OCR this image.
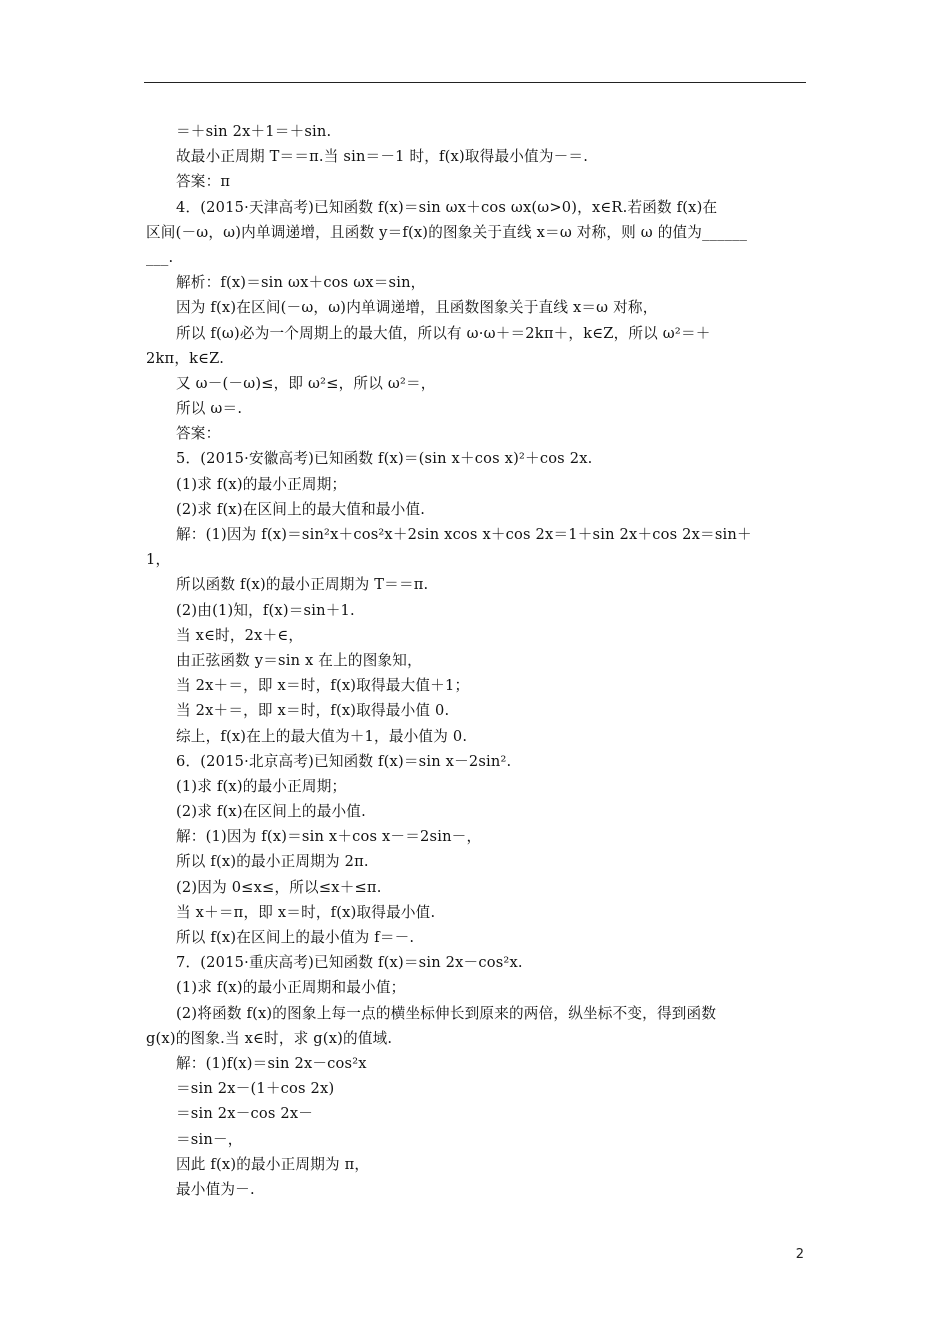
＝＋sin 2x＋1＝＋sin.
故最小正周期 T＝＝π.当 sin＝－1 时，f(x)取得最小值为－＝.
答案：π
4．(2015·天津高考)已知函数 f(x)＝sin ωx＋cos ωx(ω>0)，x∈R.若函数 f(x)在
区间(－ω，ω)内单调递增，且函数 y＝f(x)的图象关于直线 x＝ω 对称，则 ω 的值为______
___.
解析：f(x)＝sin ωx＋cos ωx＝sin，
因为 f(x)在区间(－ω，ω)内单调递增，且函数图象关于直线 x＝ω 对称，
所以 f(ω)必为一个周期上的最大值，所以有 ω·ω＋＝2kπ＋，k∈Z，所以 ω²＝＋
2kπ，k∈Z.
又 ω－(－ω)≤，即 ω²≤，所以 ω²＝，
所以 ω＝.
答案：
5．(2015·安徽高考)已知函数 f(x)＝(sin x＋cos x)²＋cos 2x.
(1)求 f(x)的最小正周期；
(2)求 f(x)在区间上的最大值和最小值.
解：(1)因为 f(x)＝sin²x＋cos²x＋2sin xcos x＋cos 2x＝1＋sin 2x＋cos 2x＝sin＋
1，
所以函数 f(x)的最小正周期为 T＝＝π.
(2)由(1)知，f(x)＝sin＋1.
当 x∈时，2x＋∈，
由正弦函数 y＝sin x 在上的图象知，
当 2x＋＝，即 x＝时，f(x)取得最大值＋1；
当 2x＋＝，即 x＝时，f(x)取得最小值 0.
综上，f(x)在上的最大值为＋1，最小值为 0.
6．(2015·北京高考)已知函数 f(x)＝sin x－2sin².
(1)求 f(x)的最小正周期；
(2)求 f(x)在区间上的最小值.
解：(1)因为 f(x)＝sin x＋cos x－＝2sin－，
所以 f(x)的最小正周期为 2π.
(2)因为 0≤x≤，所以≤x＋≤π.
当 x＋＝π，即 x＝时，f(x)取得最小值.
所以 f(x)在区间上的最小值为 f＝－.
7．(2015·重庆高考)已知函数 f(x)＝sin 2x－cos²x.
(1)求 f(x)的最小正周期和最小值；
(2)将函数 f(x)的图象上每一点的横坐标伸长到原来的两倍，纵坐标不变，得到函数
g(x)的图象.当 x∈时，求 g(x)的值域.
解：(1)f(x)＝sin 2x－cos²x
＝sin 2x－(1＋cos 2x)
＝sin 2x－cos 2x－
＝sin－，
因此 f(x)的最小正周期为 π，
最小值为－.
2
